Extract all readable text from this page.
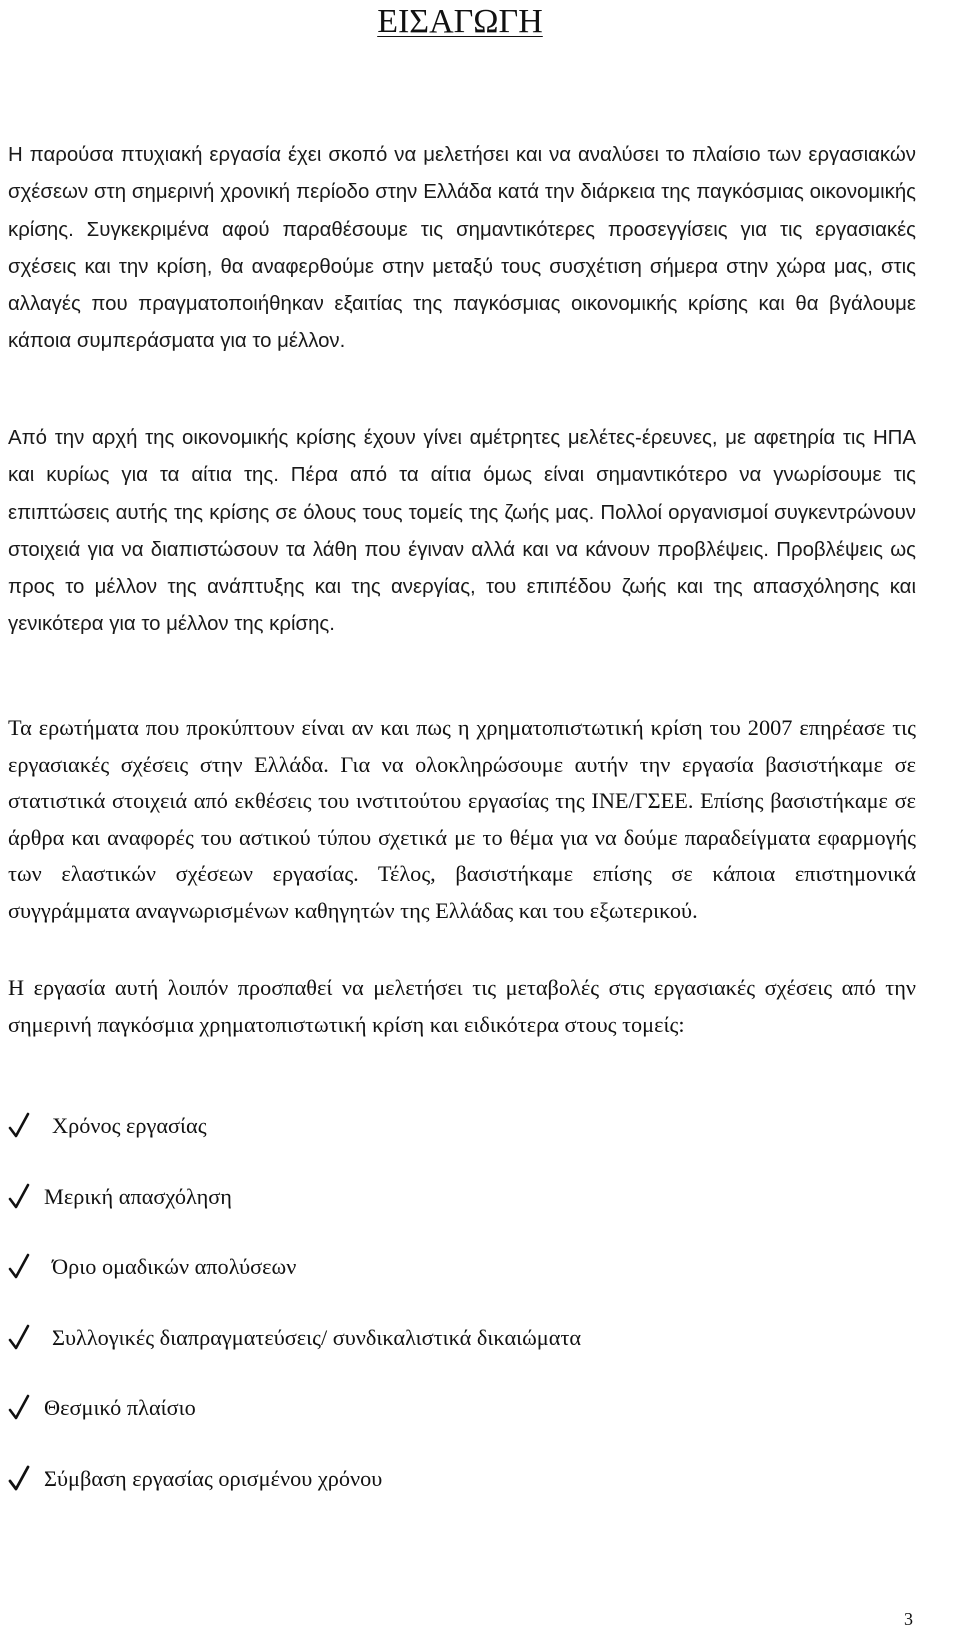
ΕΙΣΑΓΩΓΗ

Η παρούσα πτυχιακή εργασία έχει σκοπό να μελετήσει και να αναλύσει το πλαίσιο των εργασιακών σχέσεων στη σημερινή χρονική περίοδο στην Ελλάδα κατά την διάρκεια της παγκόσμιας οικονομικής κρίσης. Συγκεκριμένα αφού παραθέσουμε τις σημαντικότερες προσεγγίσεις για τις εργασιακές σχέσεις και την κρίση, θα αναφερθούμε στην μεταξύ τους συσχέτιση σήμερα στην χώρα μας, στις αλλαγές που πραγματοποιήθηκαν εξαιτίας της παγκόσμιας οικονομικής κρίσης και θα βγάλουμε κάποια συμπεράσματα για το μέλλον.

Από την αρχή της οικονομικής κρίσης έχουν γίνει αμέτρητες μελέτες-έρευνες, με αφετηρία τις ΗΠΑ και κυρίως για τα αίτια της. Πέρα από τα αίτια όμως είναι σημαντικότερο να γνωρίσουμε τις επιπτώσεις αυτής της κρίσης σε όλους τους τομείς της ζωής μας. Πολλοί οργανισμοί συγκεντρώνουν στοιχειά για να διαπιστώσουν τα λάθη που έγιναν αλλά και να κάνουν προβλέψεις. Προβλέψεις ως προς το μέλλον της ανάπτυξης και της ανεργίας, του επιπέδου ζωής και της απασχόλησης και γενικότερα για το μέλλον της κρίσης.

Τα ερωτήματα που προκύπτουν είναι αν και πως η χρηματοπιστωτική κρίση του 2007 επηρέασε τις εργασιακές σχέσεις στην Ελλάδα. Για να ολοκληρώσουμε αυτήν την εργασία βασιστήκαμε σε στατιστικά στοιχειά από εκθέσεις του ινστιτούτου εργασίας της ΙΝΕ/ΓΣΕΕ. Επίσης βασιστήκαμε σε άρθρα και αναφορές του αστικού τύπου σχετικά με το θέμα για να δούμε παραδείγματα εφαρμογής των ελαστικών σχέσεων εργασίας. Τέλος, βασιστήκαμε επίσης σε κάποια επιστημονικά συγγράμματα αναγνωρισμένων καθηγητών της Ελλάδας και του εξωτερικού.

Η εργασία αυτή λοιπόν προσπαθεί να μελετήσει τις μεταβολές στις εργασιακές σχέσεις από την σημερινή παγκόσμια χρηματοπιστωτική κρίση και ειδικότερα στους τομείς:

Χρόνος εργασίας
Μερική απασχόληση
Όριο ομαδικών απολύσεων
Συλλογικές διαπραγματεύσεις/ συνδικαλιστικά δικαιώματα
Θεσμικό πλαίσιο
Σύμβαση εργασίας ορισμένου χρόνου
3
